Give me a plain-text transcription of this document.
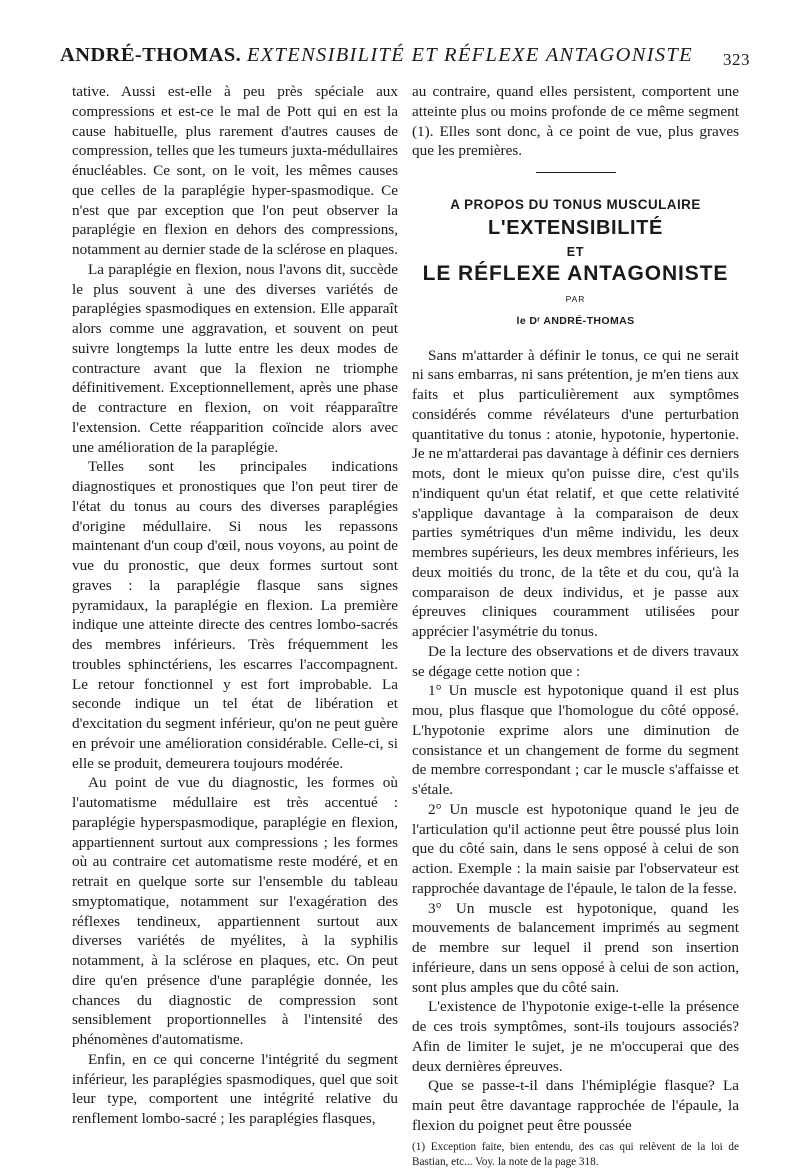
ANDRÉ-THOMAS. EXTENSIBILITÉ ET RÉFLEXE ANTAGONISTE 323

tative. Aussi est-elle à peu près spéciale aux compressions et est-ce le mal de Pott qui en est la cause habituelle, plus rarement d'autres causes de compression, telles que les tumeurs juxta-médullaires énucléables. Ce sont, on le voit, les mêmes causes que celles de la paraplégie hyper-spasmodique. Ce n'est que par exception que l'on peut observer la paraplégie en flexion en dehors des compressions, notamment au dernier stade de la sclérose en plaques.

La paraplégie en flexion, nous l'avons dit, succède le plus souvent à une des diverses variétés de paraplégies spasmodiques en extension. Elle apparaît alors comme une aggravation, et souvent on peut suivre longtemps la lutte entre les deux modes de contracture avant que la flexion ne triomphe définitivement. Exceptionnellement, après une phase de contracture en flexion, on voit réapparaître l'extension. Cette réapparition coïncide alors avec une amélioration de la paraplégie.

Telles sont les principales indications diagnostiques et pronostiques que l'on peut tirer de l'état du tonus au cours des diverses paraplégies d'origine médullaire. Si nous les repassons maintenant d'un coup d'œil, nous voyons, au point de vue du pronostic, que deux formes surtout sont graves : la paraplégie flasque sans signes pyramidaux, la paraplégie en flexion. La première indique une atteinte directe des centres lombo-sacrés des membres inférieurs. Très fréquemment les troubles sphinctériens, les escarres l'accompagnent. Le retour fonctionnel y est fort improbable. La seconde indique un tel état de libération et d'excitation du segment inférieur, qu'on ne peut guère en prévoir une amélioration considérable. Celle-ci, si elle se produit, demeurera toujours modérée.

Au point de vue du diagnostic, les formes où l'automatisme médullaire est très accentué : paraplégie hyperspasmodique, paraplégie en flexion, appartiennent surtout aux compressions ; les formes où au contraire cet automatisme reste modéré, et en retrait en quelque sorte sur l'ensemble du tableau smyptomatique, notamment sur l'exagération des réflexes tendineux, appartiennent surtout aux diverses variétés de myélites, à la syphilis notamment, à la sclérose en plaques, etc. On peut dire qu'en présence d'une paraplégie donnée, les chances du diagnostic de compression sont sensiblement proportionnelles à l'intensité des phénomènes d'automatisme.

Enfin, en ce qui concerne l'intégrité du segment inférieur, les paraplégies spasmodiques, quel que soit leur type, comportent une intégrité relative du renflement lombo-sacré ; les paraplégies flasques,

au contraire, quand elles persistent, comportent une atteinte plus ou moins profonde de ce même segment (1). Elles sont donc, à ce point de vue, plus graves que les premières.

A PROPOS DU TONUS MUSCULAIRE
L'EXTENSIBILITÉ
ET
LE RÉFLEXE ANTAGONISTE
PAR
le Dʳ ANDRÉ-THOMAS

Sans m'attarder à définir le tonus, ce qui ne serait ni sans embarras, ni sans prétention, je m'en tiens aux faits et plus particulièrement aux symptômes considérés comme révélateurs d'une perturbation quantitative du tonus : atonie, hypotonie, hypertonie. Je ne m'attarderai pas davantage à définir ces derniers mots, dont le mieux qu'on puisse dire, c'est qu'ils n'indiquent qu'un état relatif, et que cette relativité s'applique davantage à la comparaison de deux parties symétriques d'un même individu, les deux membres supérieurs, les deux membres inférieurs, les deux moitiés du tronc, de la tête et du cou, qu'à la comparaison de deux individus, et je passe aux épreuves cliniques couramment utilisées pour apprécier l'asymétrie du tonus.

De la lecture des observations et de divers travaux se dégage cette notion que :

1° Un muscle est hypotonique quand il est plus mou, plus flasque que l'homologue du côté opposé. L'hypotonie exprime alors une diminution de consistance et un changement de forme du segment de membre correspondant ; car le muscle s'affaisse et s'étale.

2° Un muscle est hypotonique quand le jeu de l'articulation qu'il actionne peut être poussé plus loin que du côté sain, dans le sens opposé à celui de son action. Exemple : la main saisie par l'observateur est rapprochée davantage de l'épaule, le talon de la fesse.

3° Un muscle est hypotonique, quand les mouvements de balancement imprimés au segment de membre sur lequel il prend son insertion inférieure, dans un sens opposé à celui de son action, sont plus amples que du côté sain.

L'existence de l'hypotonie exige-t-elle la présence de ces trois symptômes, sont-ils toujours associés? Afin de limiter le sujet, je ne m'occuperai que des deux dernières épreuves.

Que se passe-t-il dans l'hémiplégie flasque? La main peut être davantage rapprochée de l'épaule, la flexion du poignet peut être poussée

(1) Exception faite, bien entendu, des cas qui relèvent de la loi de Bastian, etc... Voy. la note de la page 318.
